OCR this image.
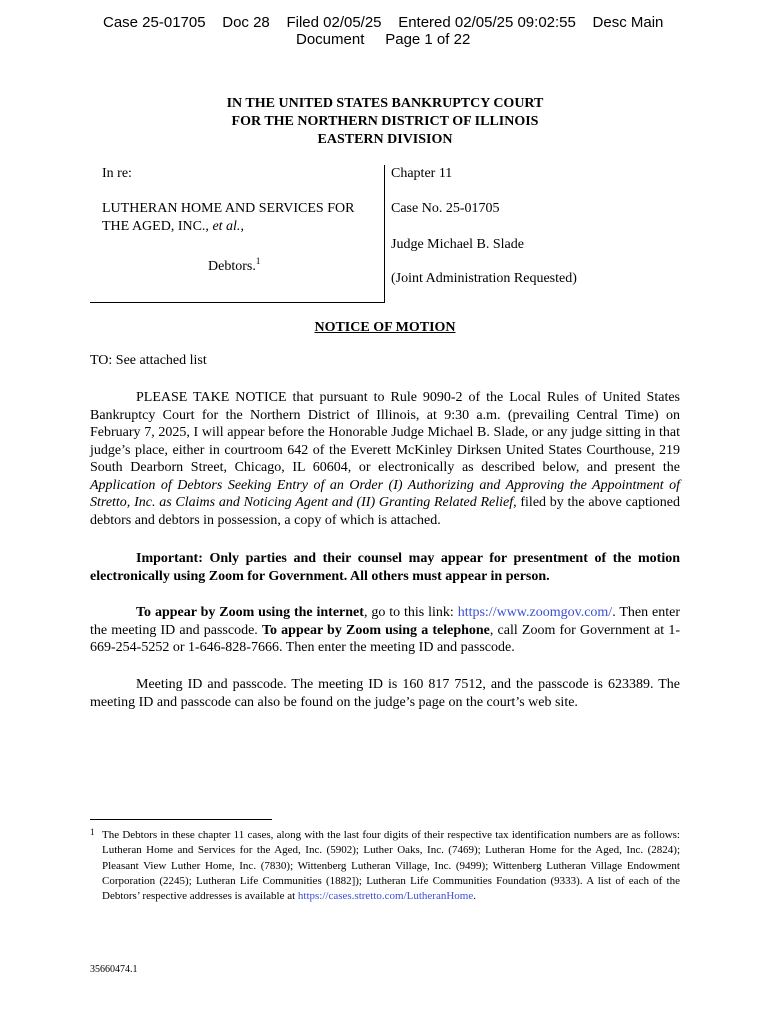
Case 25-01705 Doc 28 Filed 02/05/25 Entered 02/05/25 09:02:55 Desc Main
Document Page 1 of 22
IN THE UNITED STATES BANKRUPTCY COURT
FOR THE NORTHERN DISTRICT OF ILLINOIS
EASTERN DIVISION
In re:
LUTHERAN HOME AND SERVICES FOR THE AGED, INC., et al.,
Debtors.$^1$
Chapter 11
Case No. 25-01705
Judge Michael B. Slade
(Joint Administration Requested)
NOTICE OF MOTION
TO: See attached list
PLEASE TAKE NOTICE that pursuant to Rule 9090-2 of the Local Rules of United States Bankruptcy Court for the Northern District of Illinois, at 9:30 a.m. (prevailing Central Time) on February 7, 2025, I will appear before the Honorable Judge Michael B. Slade, or any judge sitting in that judge’s place, either in courtroom 642 of the Everett McKinley Dirksen United States Courthouse, 219 South Dearborn Street, Chicago, IL 60604, or electronically as described below, and present the Application of Debtors Seeking Entry of an Order (I) Authorizing and Approving the Appointment of Stretto, Inc. as Claims and Noticing Agent and (II) Granting Related Relief, filed by the above captioned debtors and debtors in possession, a copy of which is attached.
Important: Only parties and their counsel may appear for presentment of the motion electronically using Zoom for Government. All others must appear in person.
To appear by Zoom using the internet, go to this link: https://www.zoomgov.com/. Then enter the meeting ID and passcode. To appear by Zoom using a telephone, call Zoom for Government at 1-669-254-5252 or 1-646-828-7666. Then enter the meeting ID and passcode.
Meeting ID and passcode. The meeting ID is 160 817 7512, and the passcode is 623389. The meeting ID and passcode can also be found on the judge’s page on the court’s web site.
1 The Debtors in these chapter 11 cases, along with the last four digits of their respective tax identification numbers are as follows: Lutheran Home and Services for the Aged, Inc. (5902); Luther Oaks, Inc. (7469); Lutheran Home for the Aged, Inc. (2824); Pleasant View Luther Home, Inc. (7830); Wittenberg Lutheran Village, Inc. (9499); Wittenberg Lutheran Village Endowment Corporation (2245); Lutheran Life Communities (1882]); Lutheran Life Communities Foundation (9333). A list of each of the Debtors’ respective addresses is available at https://cases.stretto.com/LutheranHome.
35660474.1
